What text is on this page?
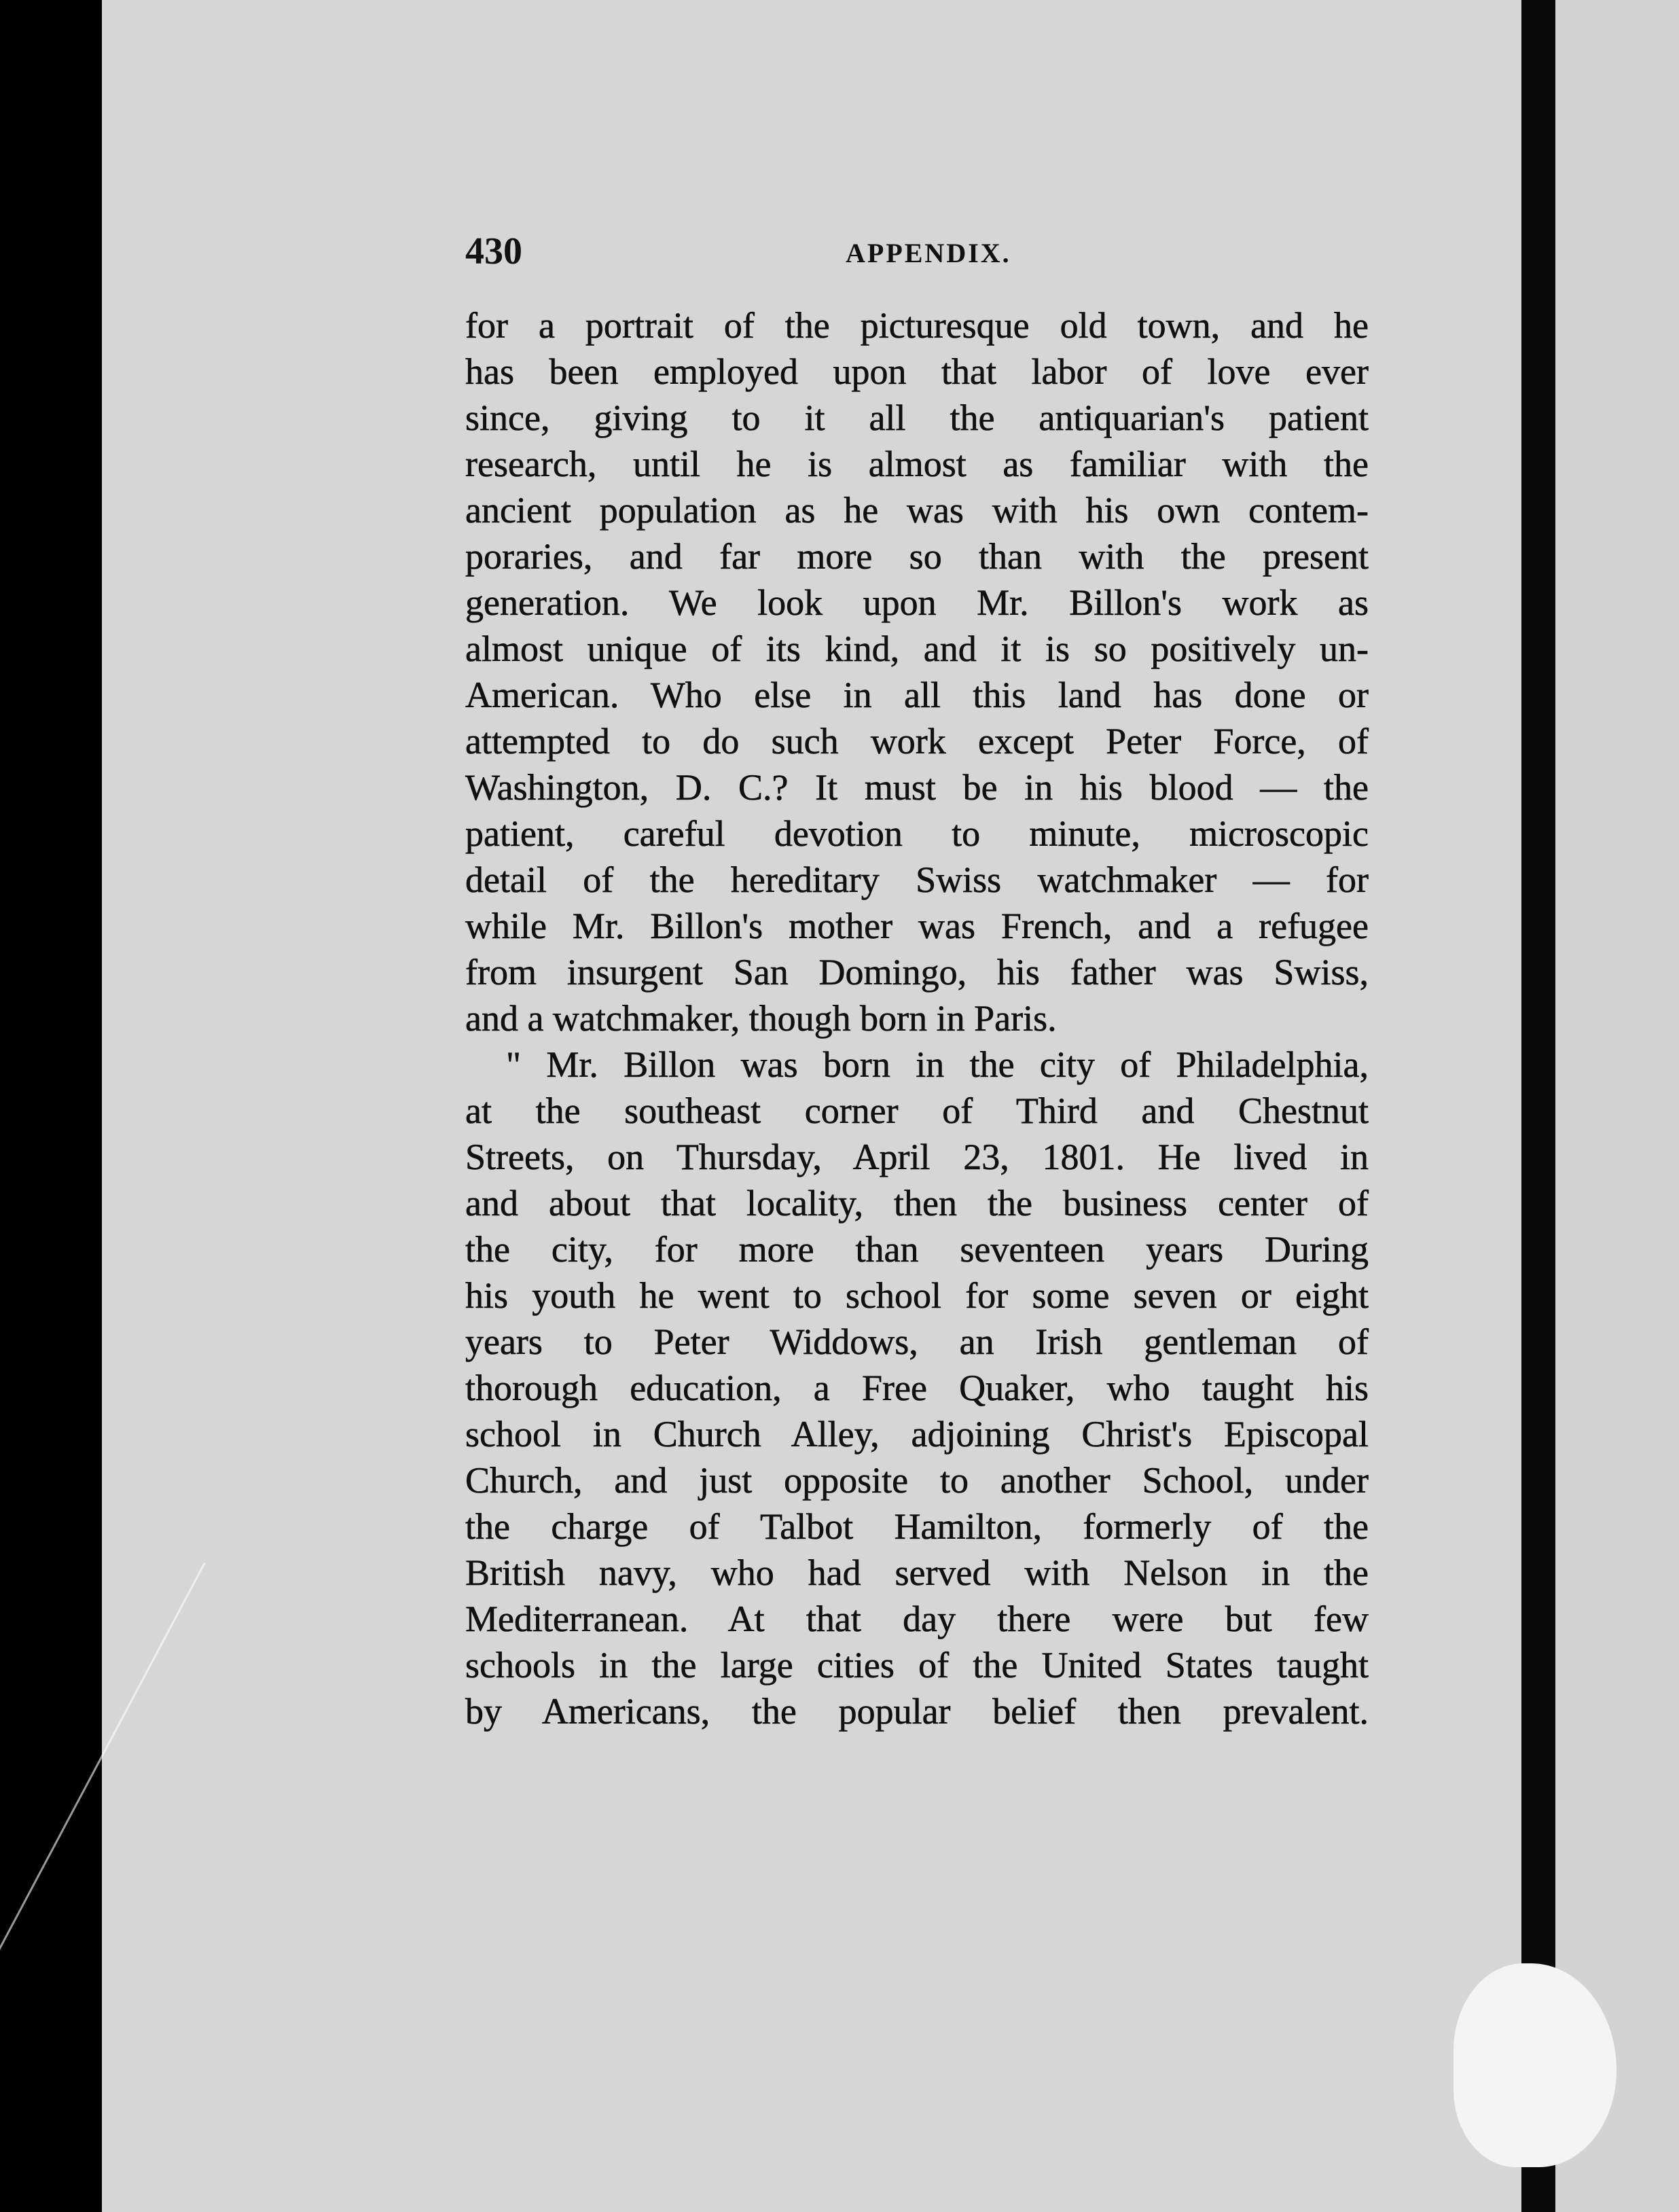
430	APPENDIX.
for a portrait of the picturesque old town, and he
has been employed upon that labor of love ever
since, giving to it all the antiquarian's patient
research, until he is almost as familiar with the
ancient population as he was with his own contem-
poraries, and far more so than with the present
generation. We look upon Mr. Billon's work as
almost unique of its kind, and it is so positively un-
American. Who else in all this land has done or
attempted to do such work except Peter Force, of
Washington, D. C.? It must be in his blood — the
patient, careful devotion to minute, microscopic
detail of the hereditary Swiss watchmaker — for
while Mr. Billon's mother was French, and a refugee
from insurgent San Domingo, his father was Swiss,
and a watchmaker, though born in Paris.
" Mr. Billon was born in the city of Philadelphia,
at the southeast corner of Third and Chestnut
Streets, on Thursday, April 23, 1801. He lived in
and about that locality, then the business center of
the city, for more than seventeen years During
his youth he went to school for some seven or eight
years to Peter Widdows, an Irish gentleman of
thorough education, a Free Quaker, who taught his
school in Church Alley, adjoining Christ's Episcopal
Church, and just opposite to another School, under
the charge of Talbot Hamilton, formerly of the
British navy, who had served with Nelson in the
Mediterranean. At that day there were but few
schools in the large cities of the United States taught
by Americans, the popular belief then prevalent.
